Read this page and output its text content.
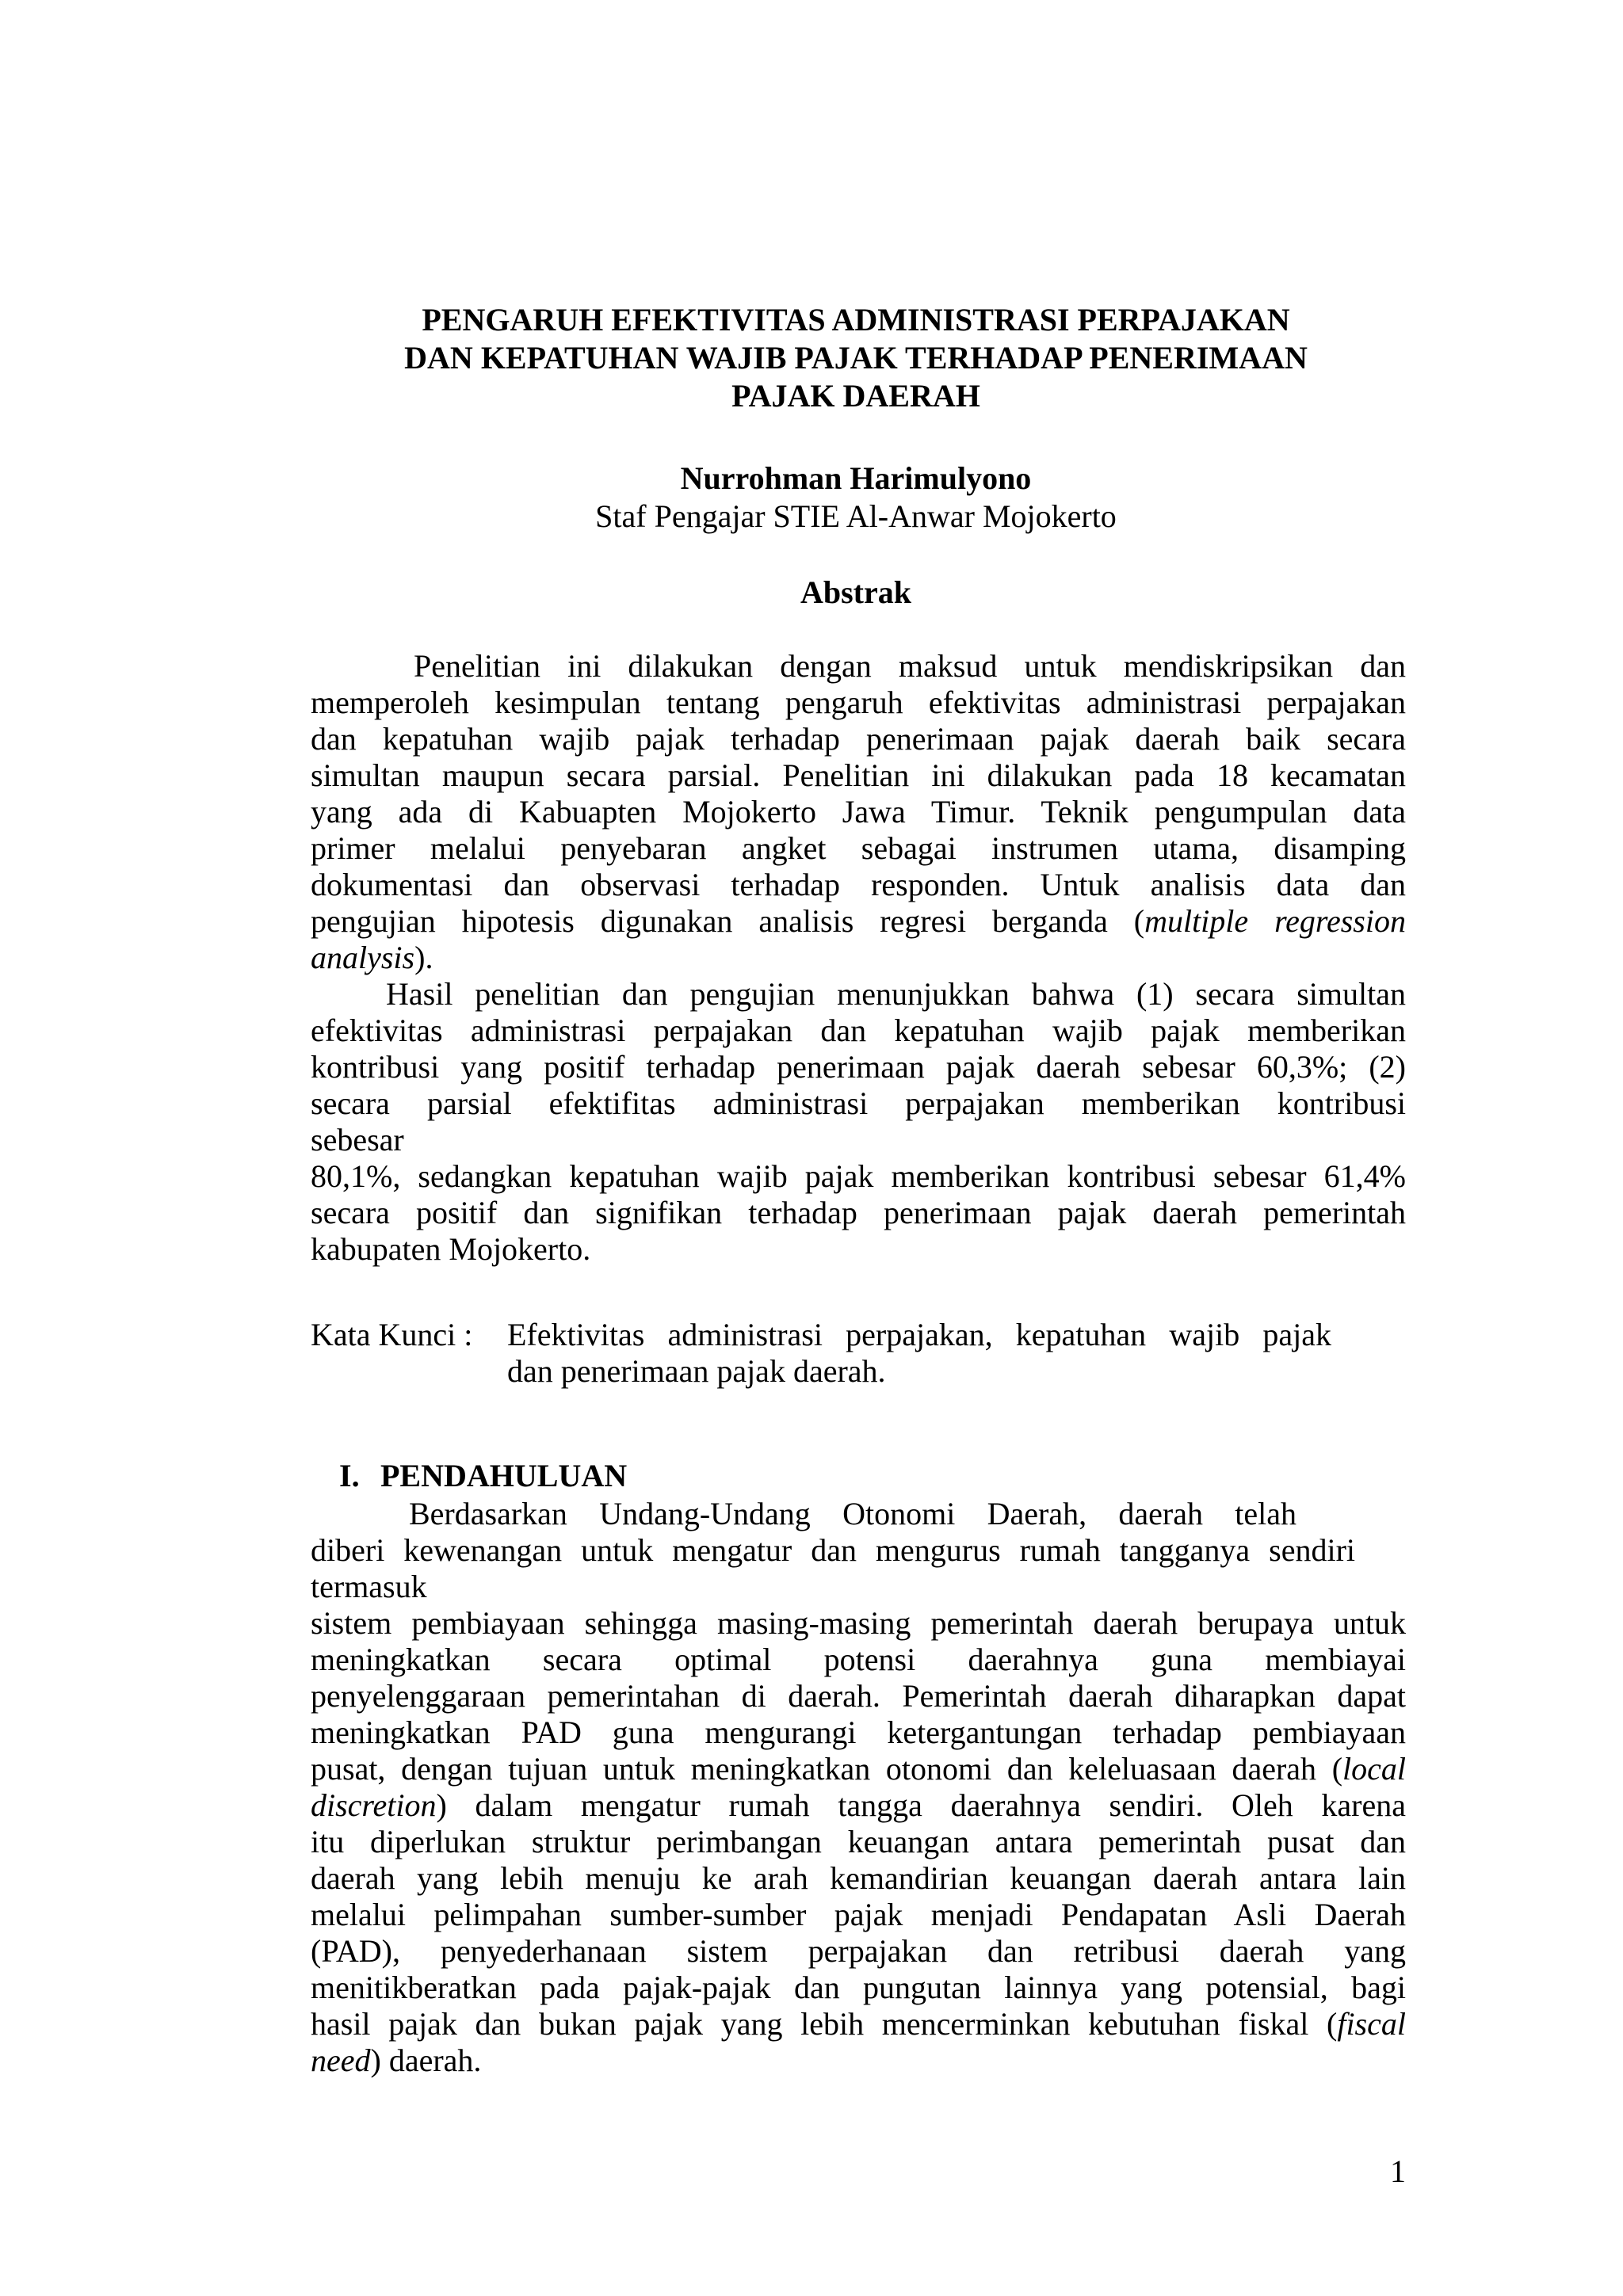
PENGARUH EFEKTIVITAS ADMINISTRASI PERPAJAKAN
DAN KEPATUHAN WAJIB PAJAK TERHADAP PENERIMAAN
PAJAK DAERAH
Nurrohman Harimulyono
Staf Pengajar STIE Al-Anwar Mojokerto
Abstrak
Penelitian ini dilakukan dengan maksud untuk mendiskripsikan dan
memperoleh kesimpulan tentang pengaruh efektivitas administrasi perpajakan
dan kepatuhan wajib pajak terhadap penerimaan pajak daerah baik secara
simultan maupun secara parsial. Penelitian ini dilakukan pada 18 kecamatan
yang ada di Kabuapten Mojokerto Jawa Timur. Teknik pengumpulan data
primer melalui penyebaran angket sebagai instrumen utama, disamping
dokumentasi dan observasi terhadap responden. Untuk analisis data dan
pengujian hipotesis digunakan analisis regresi berganda (multiple regression
analysis).
Hasil penelitian dan pengujian menunjukkan bahwa (1) secara simultan
efektivitas administrasi perpajakan dan kepatuhan wajib pajak memberikan
kontribusi yang positif terhadap penerimaan pajak daerah sebesar 60,3%; (2)
secara parsial efektifitas administrasi perpajakan memberikan kontribusi
sebesar
80,1%, sedangkan kepatuhan wajib pajak memberikan kontribusi sebesar 61,4%
secara positif dan signifikan terhadap penerimaan pajak daerah pemerintah
kabupaten Mojokerto.
Kata Kunci :	Efektivitas administrasi perpajakan, kepatuhan wajib pajak
dan penerimaan pajak daerah.
I. PENDAHULUAN
Berdasarkan Undang-Undang Otonomi Daerah, daerah telah
diberi kewenangan untuk mengatur dan mengurus rumah tangganya sendiri
termasuk
sistem pembiayaan sehingga masing-masing pemerintah daerah berupaya untuk
meningkatkan secara optimal potensi daerahnya guna membiayai
penyelenggaraan pemerintahan di daerah. Pemerintah daerah diharapkan dapat
meningkatkan PAD guna mengurangi ketergantungan terhadap pembiayaan
pusat, dengan tujuan untuk meningkatkan otonomi dan keleluasaan daerah (local
discretion) dalam mengatur rumah tangga daerahnya sendiri. Oleh karena
itu diperlukan struktur perimbangan keuangan antara pemerintah pusat dan
daerah yang lebih menuju ke arah kemandirian keuangan daerah antara lain
melalui pelimpahan sumber-sumber pajak menjadi Pendapatan Asli Daerah
(PAD), penyederhanaan sistem perpajakan dan retribusi daerah yang
menitikberatkan pada pajak-pajak dan pungutan lainnya yang potensial, bagi
hasil pajak dan bukan pajak yang lebih mencerminkan kebutuhan fiskal (fiscal
need) daerah.
1
